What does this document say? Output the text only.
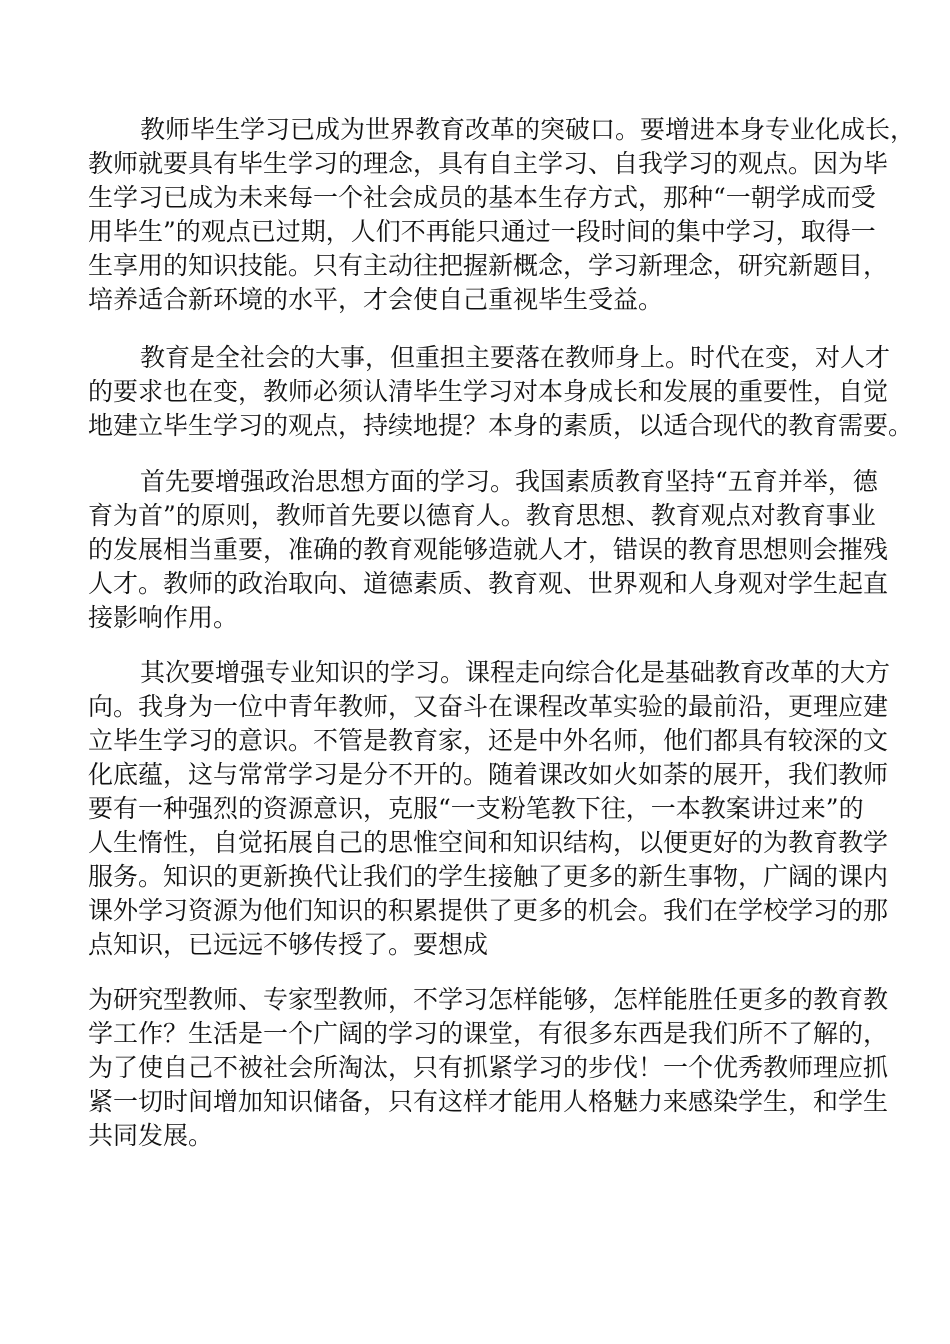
教师毕生学习已成为世界教育改革的突破口。要增进本身专业化成长，
教师就要具有毕生学习的理念，具有自主学习、自我学习的观点。因为毕
生学习已成为未来每一个社会成员的基本生存方式，那种“一朝学成而受
用毕生”的观点已过期，人们不再能只通过一段时间的集中学习，取得一
生享用的知识技能。只有主动往把握新概念，学习新理念，研究新题目，
培养适合新环境的水平，才会使自己重视毕生受益。
教育是全社会的大事，但重担主要落在教师身上。时代在变，对人才
的要求也在变，教师必须认清毕生学习对本身成长和发展的重要性，自觉
地建立毕生学习的观点，持续地提？本身的素质，以适合现代的教育需要。
首先要增强政治思想方面的学习。我国素质教育坚持“五育并举，德
育为首”的原则，教师首先要以德育人。教育思想、教育观点对教育事业
的发展相当重要，准确的教育观能够造就人才，错误的教育思想则会摧残
人才。教师的政治取向、道德素质、教育观、世界观和人身观对学生起直
接影响作用。
其次要增强专业知识的学习。课程走向综合化是基础教育改革的大方
向。我身为一位中青年教师，又奋斗在课程改革实验的最前沿，更理应建
立毕生学习的意识。不管是教育家，还是中外名师，他们都具有较深的文
化底蕴，这与常常学习是分不开的。随着课改如火如荼的展开，我们教师
要有一种强烈的资源意识，克服“一支粉笔教下往，一本教案讲过来”的
人生惰性，自觉拓展自己的思惟空间和知识结构，以便更好的为教育教学
服务。知识的更新换代让我们的学生接触了更多的新生事物，广阔的课内
课外学习资源为他们知识的积累提供了更多的机会。我们在学校学习的那
点知识，已远远不够传授了。要想成
为研究型教师、专家型教师，不学习怎样能够，怎样能胜任更多的教育教
学工作？生活是一个广阔的学习的课堂，有很多东西是我们所不了解的，
为了使自己不被社会所淘汰，只有抓紧学习的步伐！一个优秀教师理应抓
紧一切时间增加知识储备，只有这样才能用人格魅力来感染学生，和学生
共同发展。
